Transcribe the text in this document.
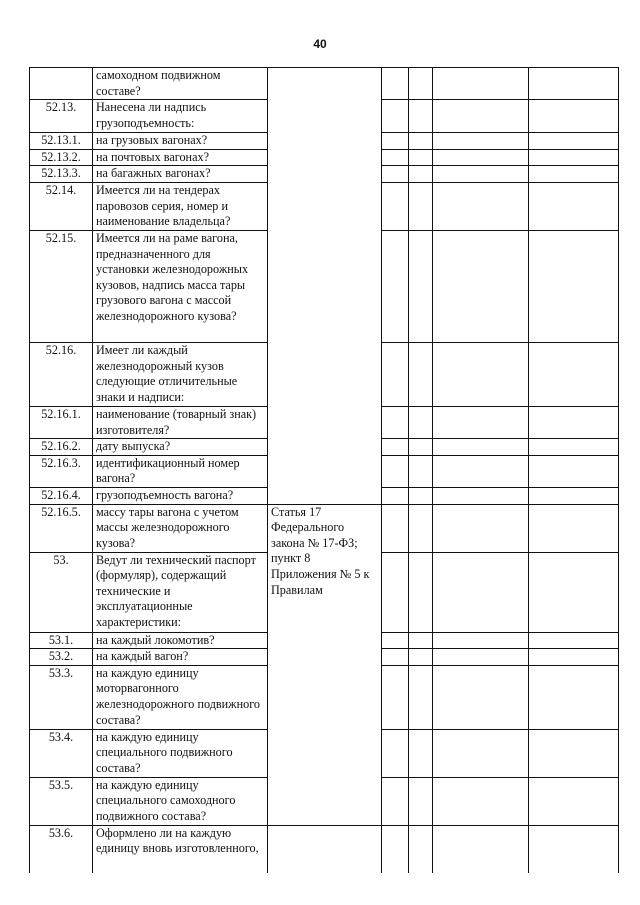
40
	самоходном подвижном составе?					
52.13.	Нанесена ли надпись грузоподъемность:					
52.13.1.	на грузовых вагонах?					
52.13.2.	на почтовых вагонах?					
52.13.3.	на багажных вагонах?					
52.14.	Имеется ли на тендерах паровозов серия, номер и наименование владельца?					
52.15.	Имеется ли на раме вагона, предназначенного для установки железнодорожных кузовов, надпись масса тары грузового вагона с массой железнодорожного кузова?					
52.16.	Имеет ли каждый железнодорожный кузов следующие отличительные знаки и надписи:					
52.16.1.	наименование (товарный знак) изготовителя?					
52.16.2.	дату выпуска?					
52.16.3.	идентификационный номер вагона?					
52.16.4.	грузоподъемность вагона?					
52.16.5.	массу тары вагона с учетом массы железнодорожного кузова?	Статья 17 Федерального закона № 17-ФЗ; пункт 8 Приложения № 5 к Правилам				
53.	Ведут ли технический паспорт (формуляр), содержащий технические и эксплуатационные характеристики:					
53.1.	на каждый локомотив?					
53.2.	на каждый вагон?					
53.3.	на каждую единицу моторвагонного железнодорожного подвижного состава?					
53.4.	на каждую единицу специального подвижного состава?					
53.5.	на каждую единицу специального самоходного подвижного состава?					
53.6.	Оформлено ли на каждую единицу вновь изготовленного,					
